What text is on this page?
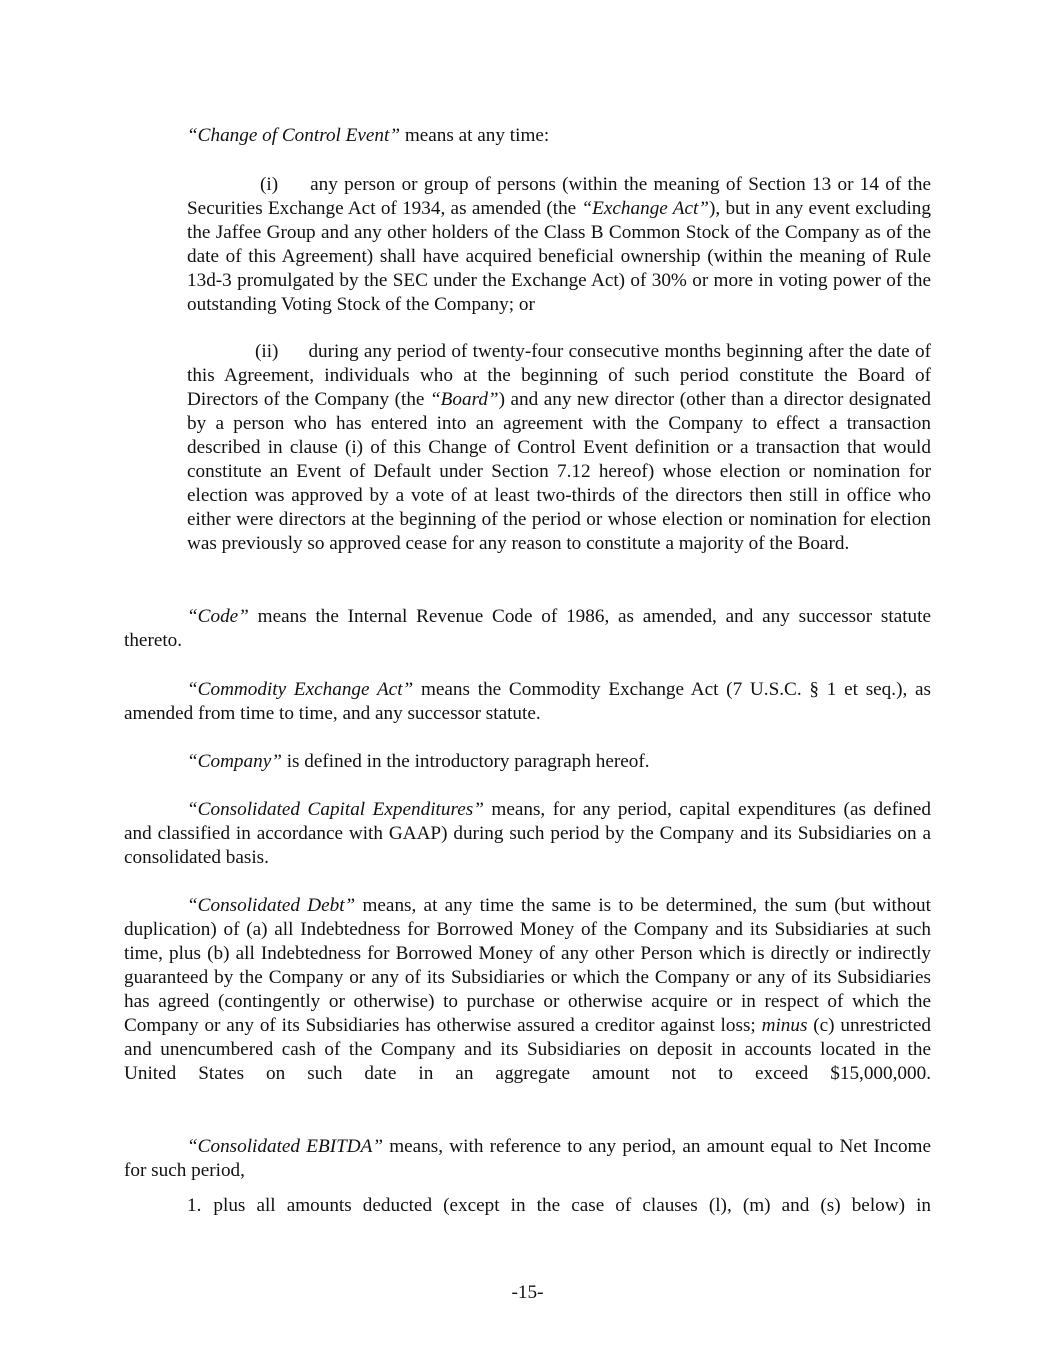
“Change of Control Event” means at any time:

(i) any person or group of persons (within the meaning of Section 13 or 14 of the Securities Exchange Act of 1934, as amended (the “Exchange Act”), but in any event excluding the Jaffee Group and any other holders of the Class B Common Stock of the Company as of the date of this Agreement) shall have acquired beneficial ownership (within the meaning of Rule 13d-3 promulgated by the SEC under the Exchange Act) of 30% or more in voting power of the outstanding Voting Stock of the Company; or

(ii) during any period of twenty-four consecutive months beginning after the date of this Agreement, individuals who at the beginning of such period constitute the Board of Directors of the Company (the “Board”) and any new director (other than a director designated by a person who has entered into an agreement with the Company to effect a transaction described in clause (i) of this Change of Control Event definition or a transaction that would constitute an Event of Default under Section 7.12 hereof) whose election or nomination for election was approved by a vote of at least two-thirds of the directors then still in office who either were directors at the beginning of the period or whose election or nomination for election was previously so approved cease for any reason to constitute a majority of the Board.

“Code” means the Internal Revenue Code of 1986, as amended, and any successor statute thereto.

“Commodity Exchange Act” means the Commodity Exchange Act (7 U.S.C. § 1 et seq.), as amended from time to time, and any successor statute.

“Company” is defined in the introductory paragraph hereof.

“Consolidated Capital Expenditures” means, for any period, capital expenditures (as defined and classified in accordance with GAAP) during such period by the Company and its Subsidiaries on a consolidated basis.

“Consolidated Debt” means, at any time the same is to be determined, the sum (but without duplication) of (a) all Indebtedness for Borrowed Money of the Company and its Subsidiaries at such time, plus (b) all Indebtedness for Borrowed Money of any other Person which is directly or indirectly guaranteed by the Company or any of its Subsidiaries or which the Company or any of its Subsidiaries has agreed (contingently or otherwise) to purchase or otherwise acquire or in respect of which the Company or any of its Subsidiaries has otherwise assured a creditor against loss; minus (c) unrestricted and unencumbered cash of the Company and its Subsidiaries on deposit in accounts located in the United States on such date in an aggregate amount not to exceed $15,000,000.

“Consolidated EBITDA” means, with reference to any period, an amount equal to Net Income for such period,

1. plus all amounts deducted (except in the case of clauses (l), (m) and (s) below) in

-15-
